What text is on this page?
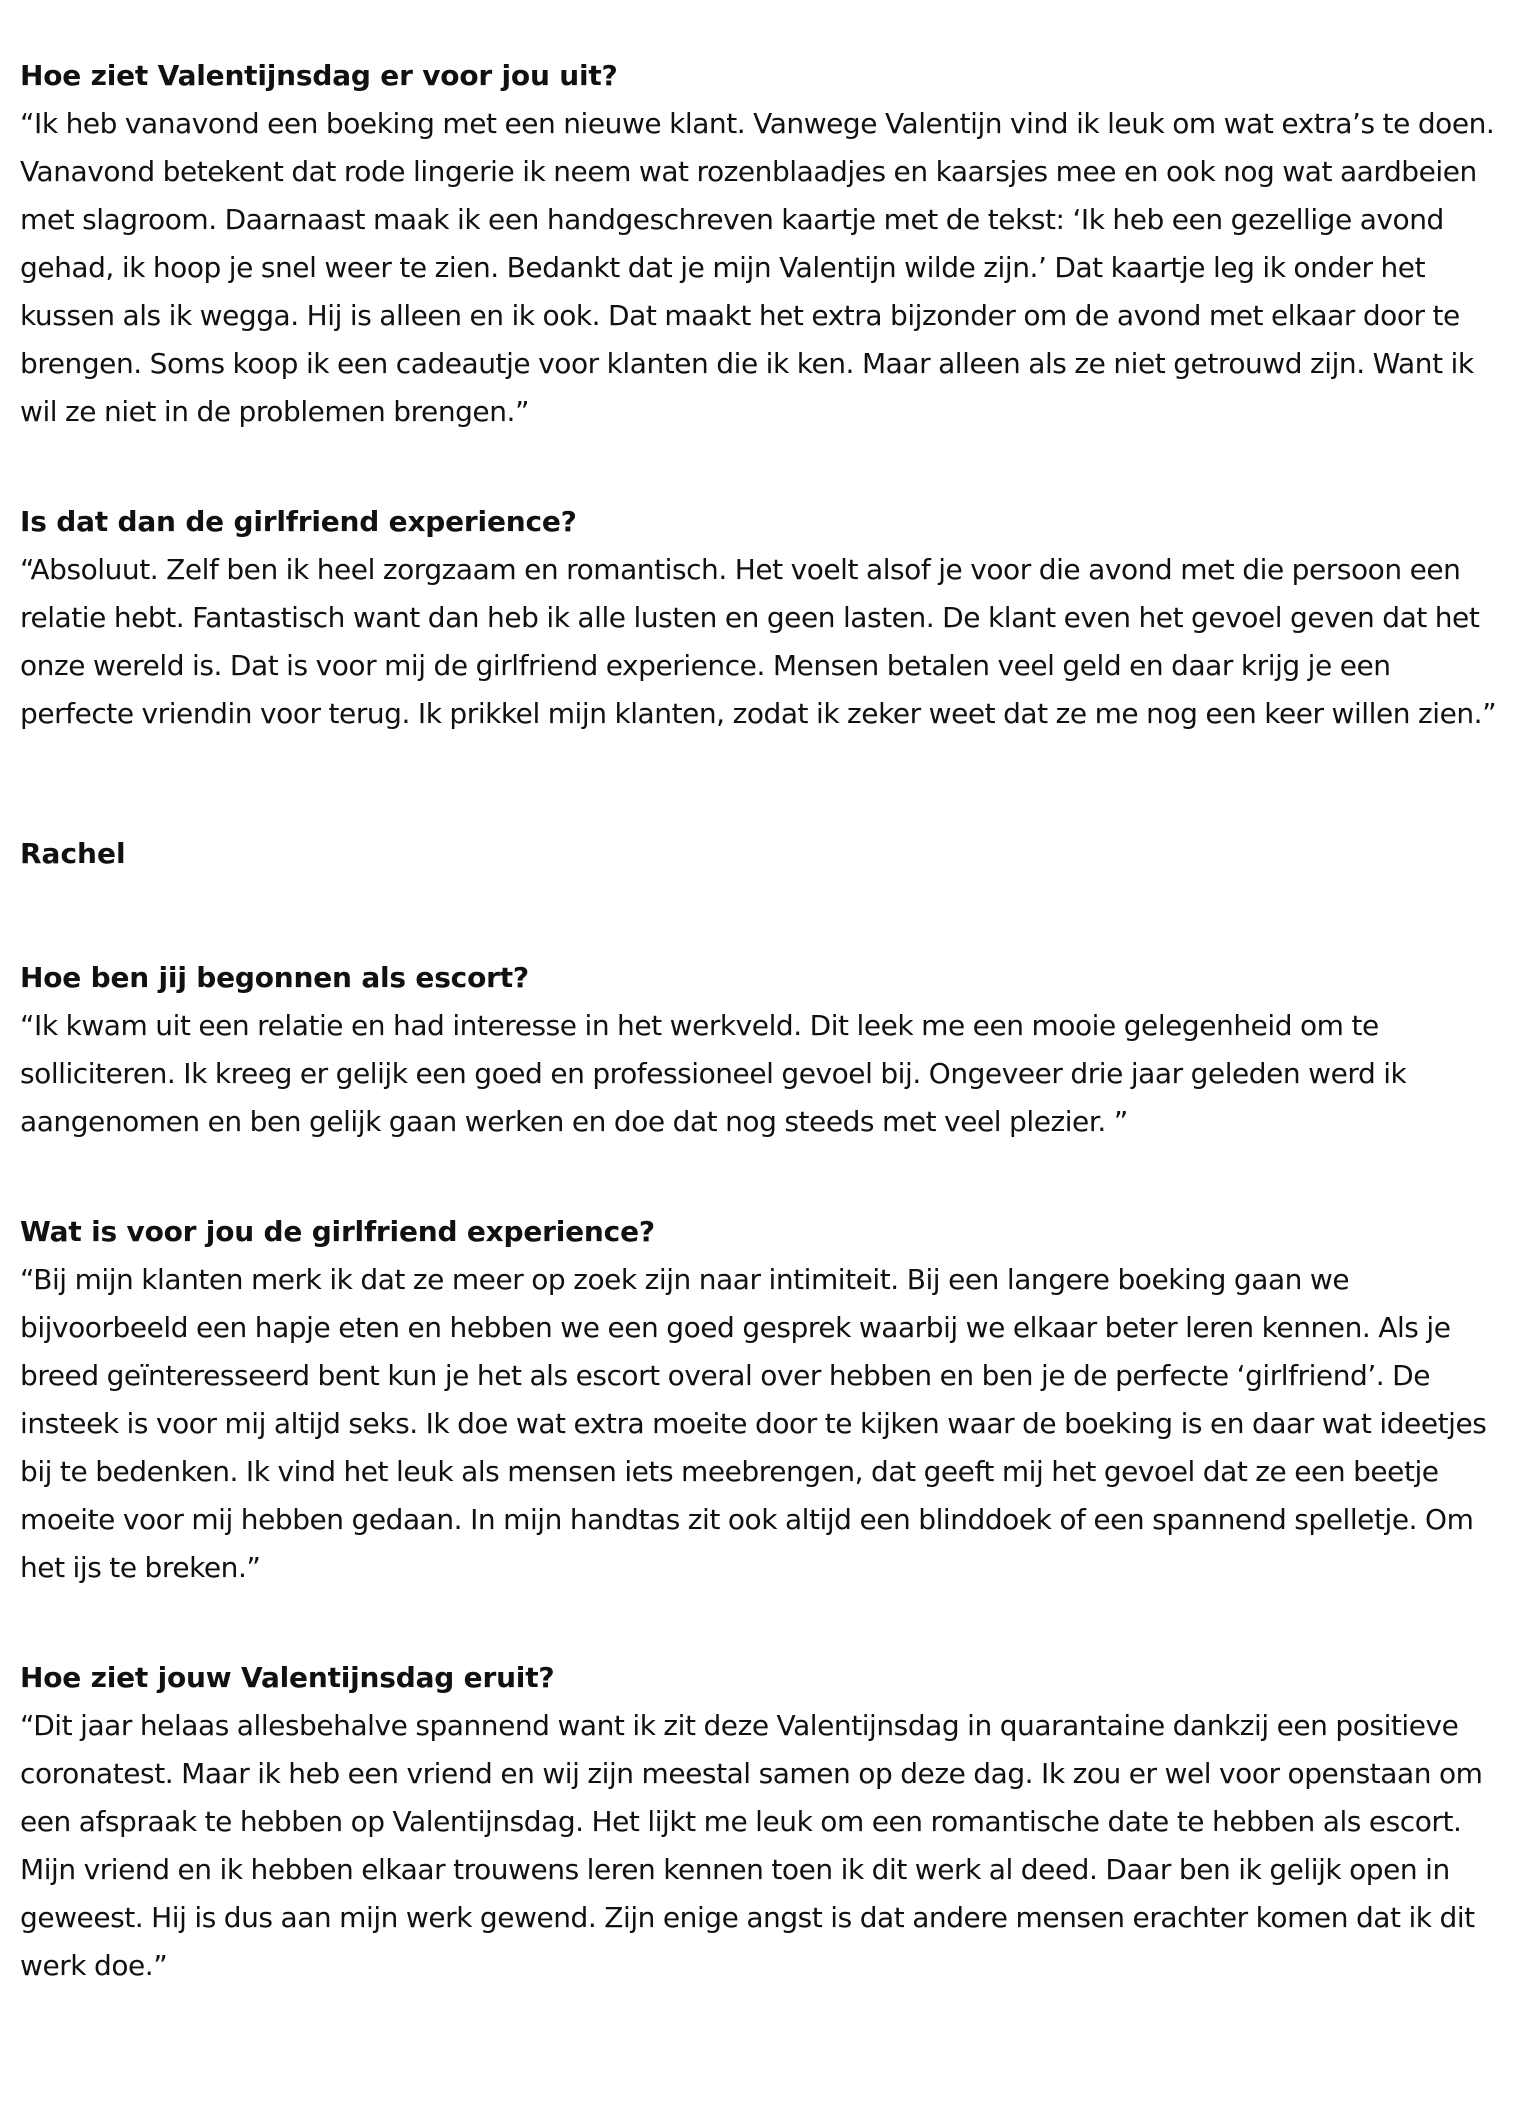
Hoe ziet Valentijnsdag er voor jou uit?

“Ik heb vanavond een boeking met een nieuwe klant. Vanwege Valentijn vind ik leuk om wat extra’s te doen. Vanavond betekent dat rode lingerie ik neem wat rozenblaadjes en kaarsjes mee en ook nog wat aardbeien met slagroom. Daarnaast maak ik een handgeschreven kaartje met de tekst: ‘Ik heb een gezellige avond gehad, ik hoop je snel weer te zien. Bedankt dat je mijn Valentijn wilde zijn.’ Dat kaartje leg ik onder het kussen als ik wegga. Hij is alleen en ik ook. Dat maakt het extra bijzonder om de avond met elkaar door te brengen. Soms koop ik een cadeautje voor klanten die ik ken. Maar alleen als ze niet getrouwd zijn. Want ik wil ze niet in de problemen brengen.”

Is dat dan de girlfriend experience?

“Absoluut. Zelf ben ik heel zorgzaam en romantisch. Het voelt alsof je voor die avond met die persoon een relatie hebt. Fantastisch want dan heb ik alle lusten en geen lasten. De klant even het gevoel geven dat het onze wereld is. Dat is voor mij de girlfriend experience. Mensen betalen veel geld en daar krijg je een perfecte vriendin voor terug. Ik prikkel mijn klanten, zodat ik zeker weet dat ze me nog een keer willen zien.”

Rachel

Hoe ben jij begonnen als escort?

“Ik kwam uit een relatie en had interesse in het werkveld. Dit leek me een mooie gelegenheid om te solliciteren. Ik kreeg er gelijk een goed en professioneel gevoel bij. Ongeveer drie jaar geleden werd ik aangenomen en ben gelijk gaan werken en doe dat nog steeds met veel plezier. ”

Wat is voor jou de girlfriend experience?

“Bij mijn klanten merk ik dat ze meer op zoek zijn naar intimiteit. Bij een langere boeking gaan we bijvoorbeeld een hapje eten en hebben we een goed gesprek waarbij we elkaar beter leren kennen. Als je breed geïnteresseerd bent kun je het als escort overal over hebben en ben je de perfecte ‘girlfriend’. De insteek is voor mij altijd seks. Ik doe wat extra moeite door te kijken waar de boeking is en daar wat ideetjes bij te bedenken. Ik vind het leuk als mensen iets meebrengen, dat geeft mij het gevoel dat ze een beetje moeite voor mij hebben gedaan. In mijn handtas zit ook altijd een blinddoek of een spannend spelletje. Om het ijs te breken.”

Hoe ziet jouw Valentijnsdag eruit?

“Dit jaar helaas allesbehalve spannend want ik zit deze Valentijnsdag in quarantaine dankzij een positieve coronatest. Maar ik heb een vriend en wij zijn meestal samen op deze dag. Ik zou er wel voor openstaan om een afspraak te hebben op Valentijnsdag. Het lijkt me leuk om een romantische date te hebben als escort. Mijn vriend en ik hebben elkaar trouwens leren kennen toen ik dit werk al deed. Daar ben ik gelijk open in geweest. Hij is dus aan mijn werk gewend. Zijn enige angst is dat andere mensen erachter komen dat ik dit werk doe.”
